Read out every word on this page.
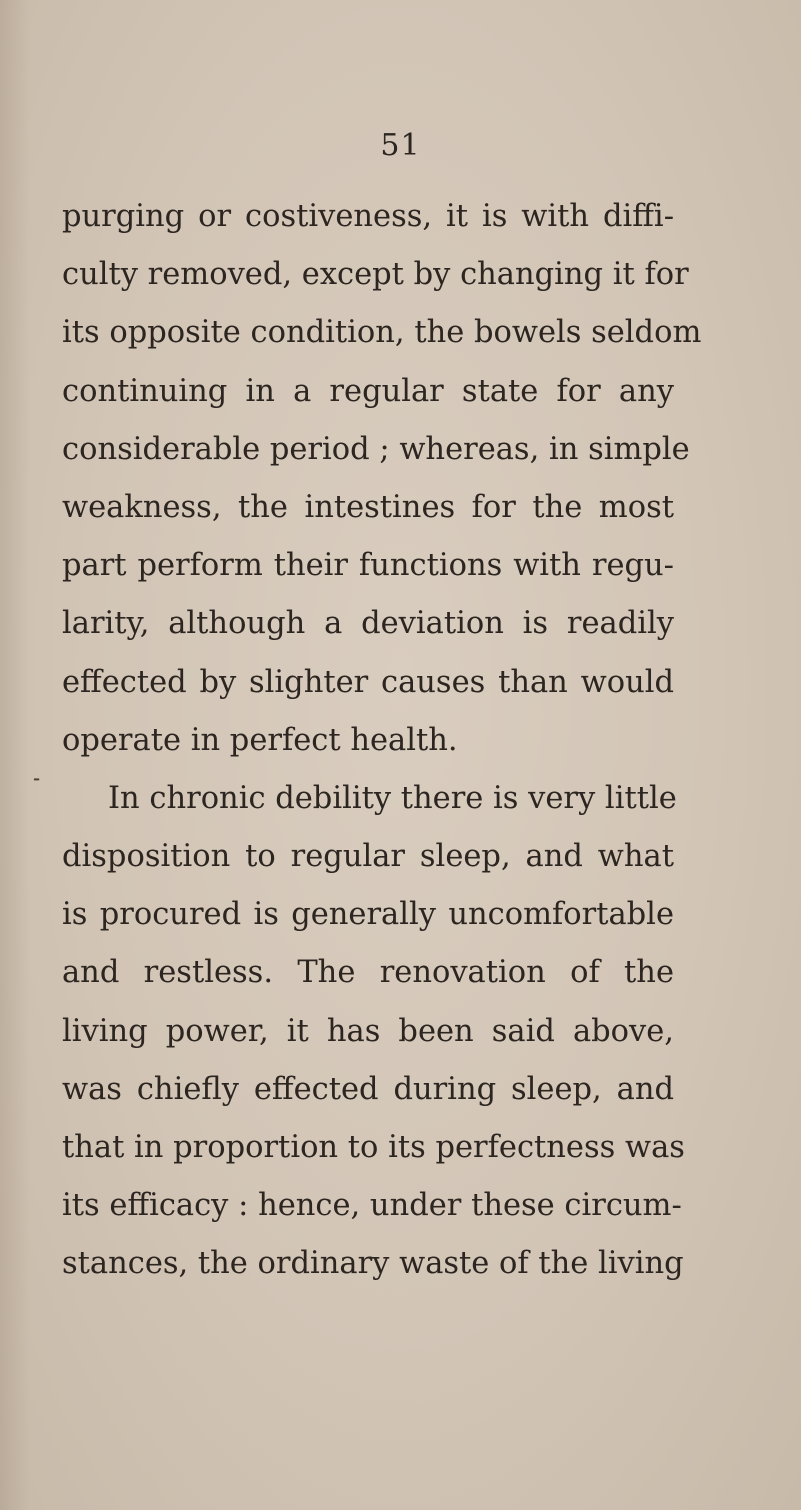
51
⁃
purging or costiveness, it is with diffi-
culty removed, except by changing it for
its opposite condition, the bowels seldom
continuing in a regular state for any
considerable period ; whereas, in simple
weakness, the intestines for the most
part perform their functions with regu-
larity, although a deviation is readily
effected by slighter causes than would
operate in perfect health.
In chronic debility there is very little
disposition to regular sleep, and what
is procured is generally uncomfortable
and restless. The renovation of the
living power, it has been said above,
was chiefly effected during sleep, and
that in proportion to its perfectness was
its efficacy : hence, under these circum-
stances, the ordinary waste of the living
